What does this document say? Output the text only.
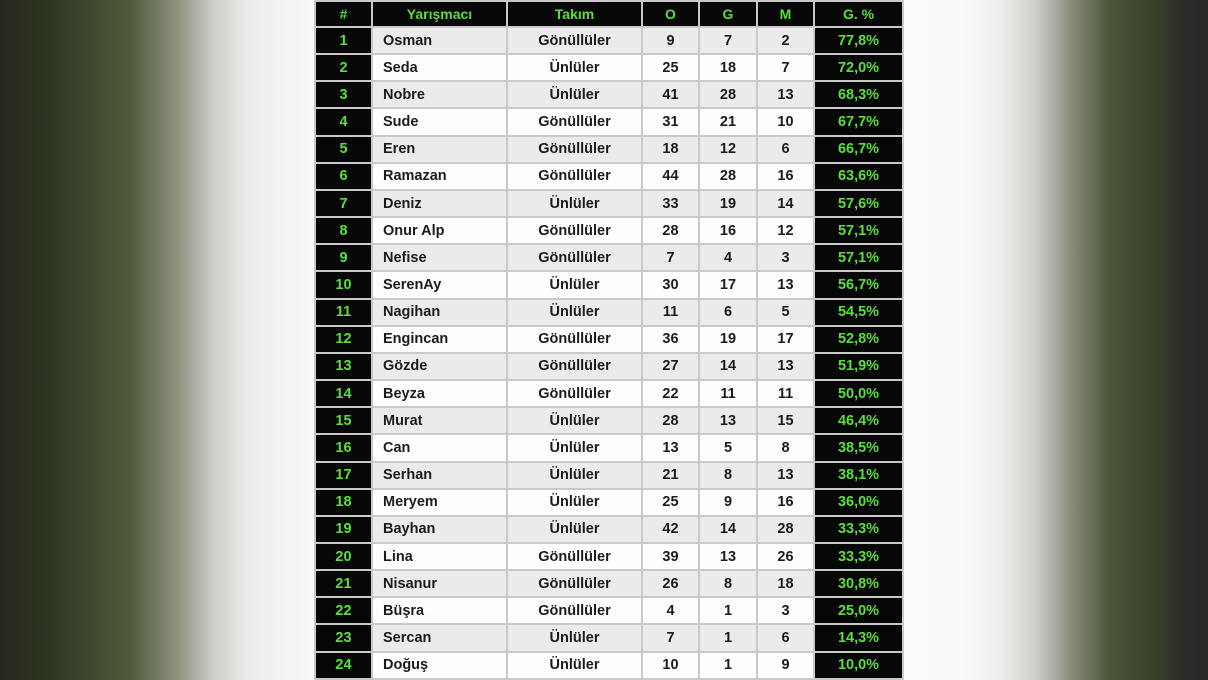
#	Yarışmacı	Takım	O	G	M	G. %
1	Osman	Gönüllüler	9	7	2	77,8%
2	Seda	Ünlüler	25	18	7	72,0%
3	Nobre	Ünlüler	41	28	13	68,3%
4	Sude	Gönüllüler	31	21	10	67,7%
5	Eren	Gönüllüler	18	12	6	66,7%
6	Ramazan	Gönüllüler	44	28	16	63,6%
7	Deniz	Ünlüler	33	19	14	57,6%
8	Onur Alp	Gönüllüler	28	16	12	57,1%
9	Nefise	Gönüllüler	7	4	3	57,1%
10	SerenAy	Ünlüler	30	17	13	56,7%
11	Nagihan	Ünlüler	11	6	5	54,5%
12	Engincan	Gönüllüler	36	19	17	52,8%
13	Gözde	Gönüllüler	27	14	13	51,9%
14	Beyza	Gönüllüler	22	11	11	50,0%
15	Murat	Ünlüler	28	13	15	46,4%
16	Can	Ünlüler	13	5	8	38,5%
17	Serhan	Ünlüler	21	8	13	38,1%
18	Meryem	Ünlüler	25	9	16	36,0%
19	Bayhan	Ünlüler	42	14	28	33,3%
20	Lina	Gönüllüler	39	13	26	33,3%
21	Nisanur	Gönüllüler	26	8	18	30,8%
22	Büşra	Gönüllüler	4	1	3	25,0%
23	Sercan	Ünlüler	7	1	6	14,3%
24	Doğuş	Ünlüler	10	1	9	10,0%
